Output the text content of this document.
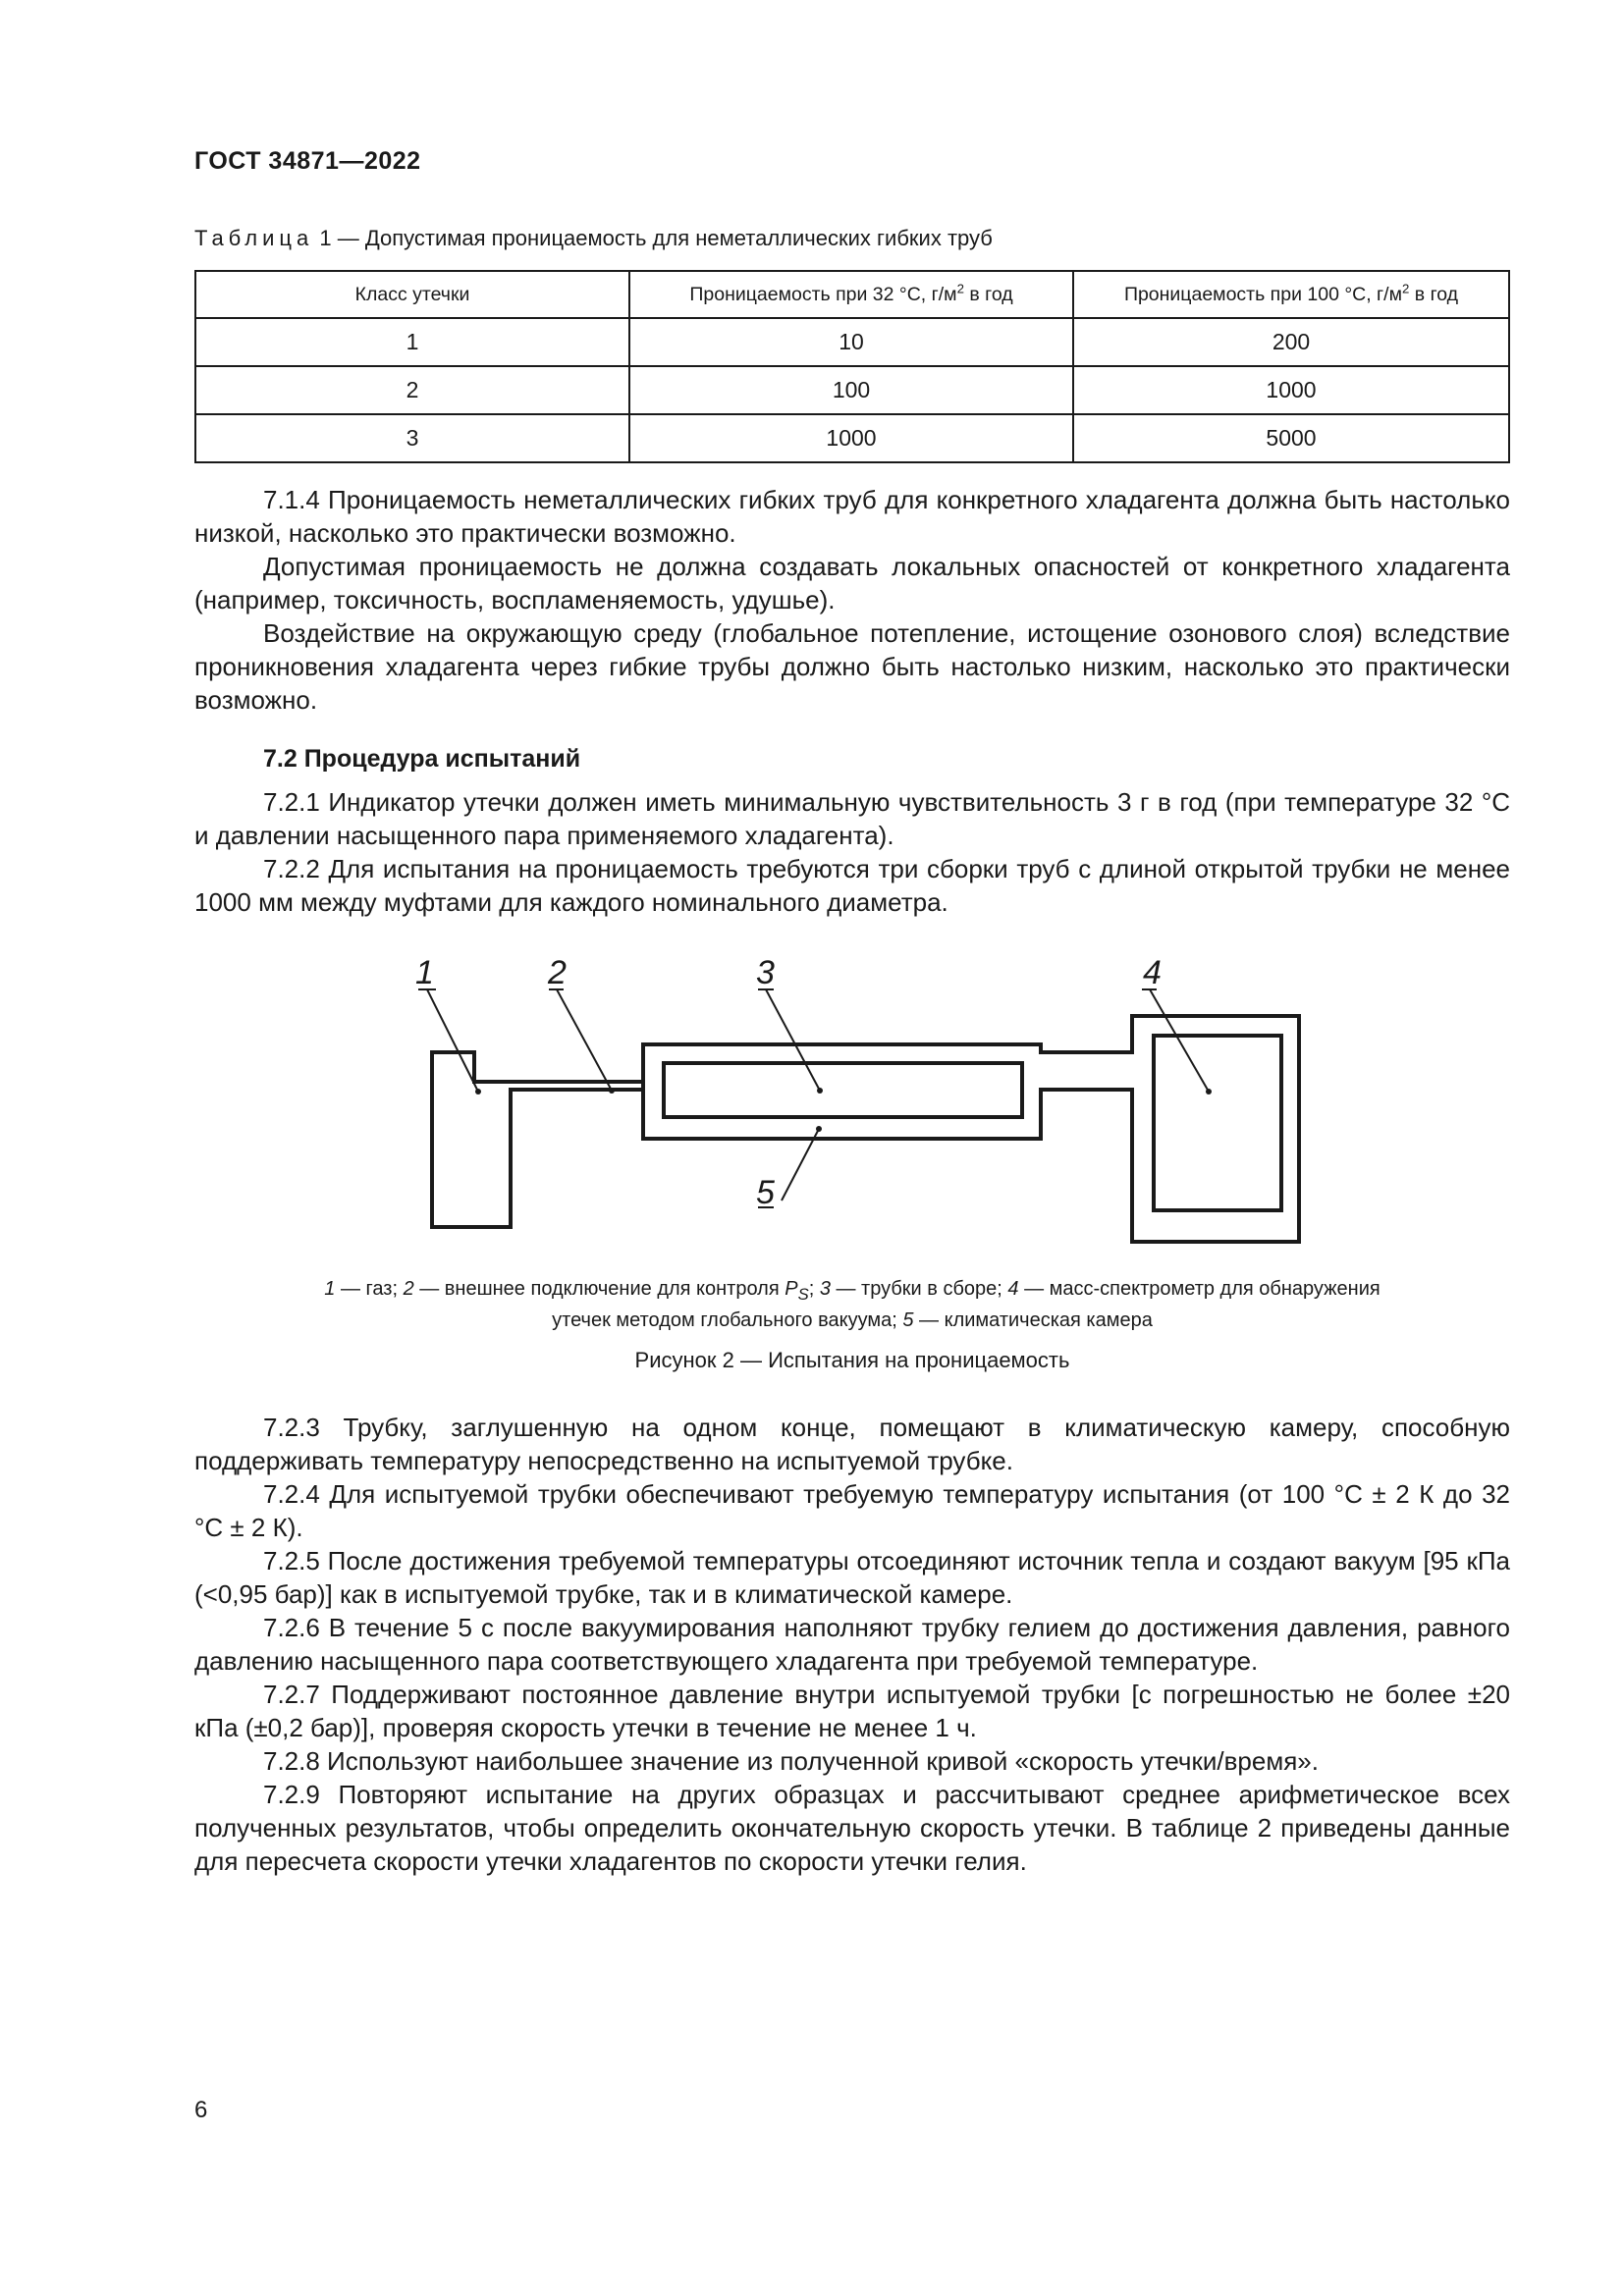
ГОСТ 34871—2022
Таблица 1 — Допустимая проницаемость для неметаллических гибких труб
Класс утечки	Проницаемость при 32 °С, $г/м^2$ в год	Проницаемость при 100 °С, $г/м^2$ в год
1	10	200
2	100	1000
3	1000	5000

7.1.4 Проницаемость неметаллических гибких труб для конкретного хладагента должна быть настолько низкой, насколько это практически возможно.

Допустимая проницаемость не должна создавать локальных опасностей от конкретного хладагента (например, токсичность, воспламеняемость, удушье).

Воздействие на окружающую среду (глобальное потепление, истощение озонового слоя) вследствие проникновения хладагента через гибкие трубы должно быть настолько низким, насколько это практически возможно.

7.2 Процедура испытаний

7.2.1 Индикатор утечки должен иметь минимальную чувствительность 3 г в год (при температуре 32 °С и давлении насыщенного пара применяемого хладагента).

7.2.2 Для испытания на проницаемость требуются три сборки труб с длиной открытой трубки не менее 1000 мм между муфтами для каждого номинального диаметра.

1	2	3	4
5
1 — газ; 2 — внешнее подключение для контроля $P_S$; 3 — трубки в сборе; 4 — масс-спектрометр для обнаружения
утечек методом глобального вакуума; 5 — климатическая камера
Рисунок 2 — Испытания на проницаемость

7.2.3 Трубку, заглушенную на одном конце, помещают в климатическую камеру, способную поддерживать температуру непосредственно на испытуемой трубке.

7.2.4 Для испытуемой трубки обеспечивают требуемую температуру испытания (от 100 °С ± 2 К до 32 °С ± 2 К).

7.2.5 После достижения требуемой температуры отсоединяют источник тепла и создают вакуум [95 кПа (<0,95 бар)] как в испытуемой трубке, так и в климатической камере.

7.2.6 В течение 5 с после вакуумирования наполняют трубку гелием до достижения давления, равного давлению насыщенного пара соответствующего хладагента при требуемой температуре.

7.2.7 Поддерживают постоянное давление внутри испытуемой трубки [с погрешностью не более ±20 кПа (±0,2 бар)], проверяя скорость утечки в течение не менее 1 ч.

7.2.8 Используют наибольшее значение из полученной кривой «скорость утечки/время».

7.2.9 Повторяют испытание на других образцах и рассчитывают среднее арифметическое всех полученных результатов, чтобы определить окончательную скорость утечки. В таблице 2 приведены данные для пересчета скорости утечки хладагентов по скорости утечки гелия.

6
